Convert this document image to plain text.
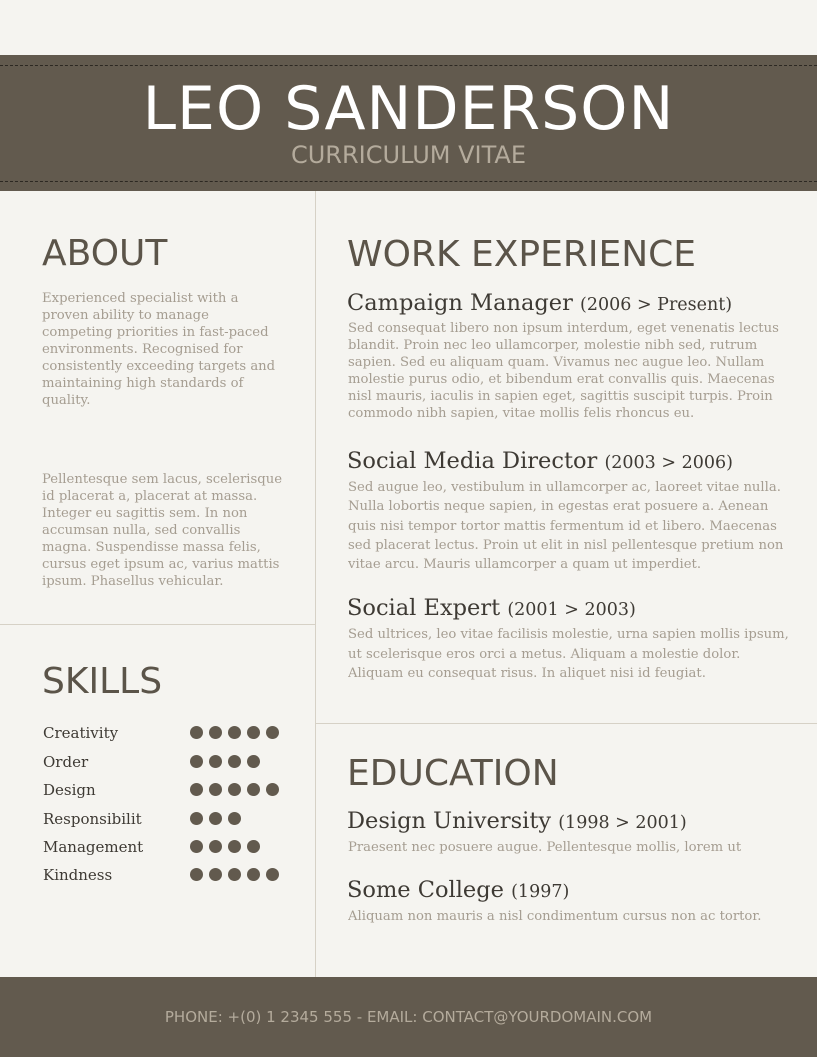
LEO SANDERSON
CURRICULUM VITAE
ABOUT
Experienced specialist with a proven ability to manage competing priorities in fast-paced environments. Recognised for consistently exceeding targets and maintaining high standards of quality.
Pellentesque sem lacus, scelerisque id placerat a, placerat at massa. Integer eu sagittis sem. In non accumsan nulla, sed convallis magna. Suspendisse massa felis, cursus eget ipsum ac, varius mattis ipsum. Phasellus vehicular.
SKILLS
Creativity
Order
Design
Responsibilit
Management
Kindness
WORK EXPERIENCE
Campaign Manager (2006 > Present)
Sed consequat libero non ipsum interdum, eget venenatis lectus blandit. Proin nec leo ullamcorper, molestie nibh sed, rutrum sapien. Sed eu aliquam quam. Vivamus nec augue leo. Nullam molestie purus odio, et bibendum erat convallis quis. Maecenas nisl mauris, iaculis in sapien eget, sagittis suscipit turpis. Proin commodo nibh sapien, vitae mollis felis rhoncus eu.
Social Media Director (2003 > 2006)
Sed augue leo, vestibulum in ullamcorper ac, laoreet vitae nulla. Nulla lobortis neque sapien, in egestas erat posuere a. Aenean quis nisi tempor tortor mattis fermentum id et libero. Maecenas sed placerat lectus. Proin ut elit in nisl pellentesque pretium non vitae arcu. Mauris ullamcorper a quam ut imperdiet.
Social Expert (2001 > 2003)
Sed ultrices, leo vitae facilisis molestie, urna sapien mollis ipsum, ut scelerisque eros orci a metus. Aliquam a molestie dolor. Aliquam eu consequat risus. In aliquet nisi id feugiat.
EDUCATION
Design University (1998 > 2001)
Praesent nec posuere augue. Pellentesque mollis, lorem ut
Some College (1997)
Aliquam non mauris a nisl condimentum cursus non ac tortor.
PHONE: +(0) 1 2345 555 - EMAIL: CONTACT@YOURDOMAIN.COM
